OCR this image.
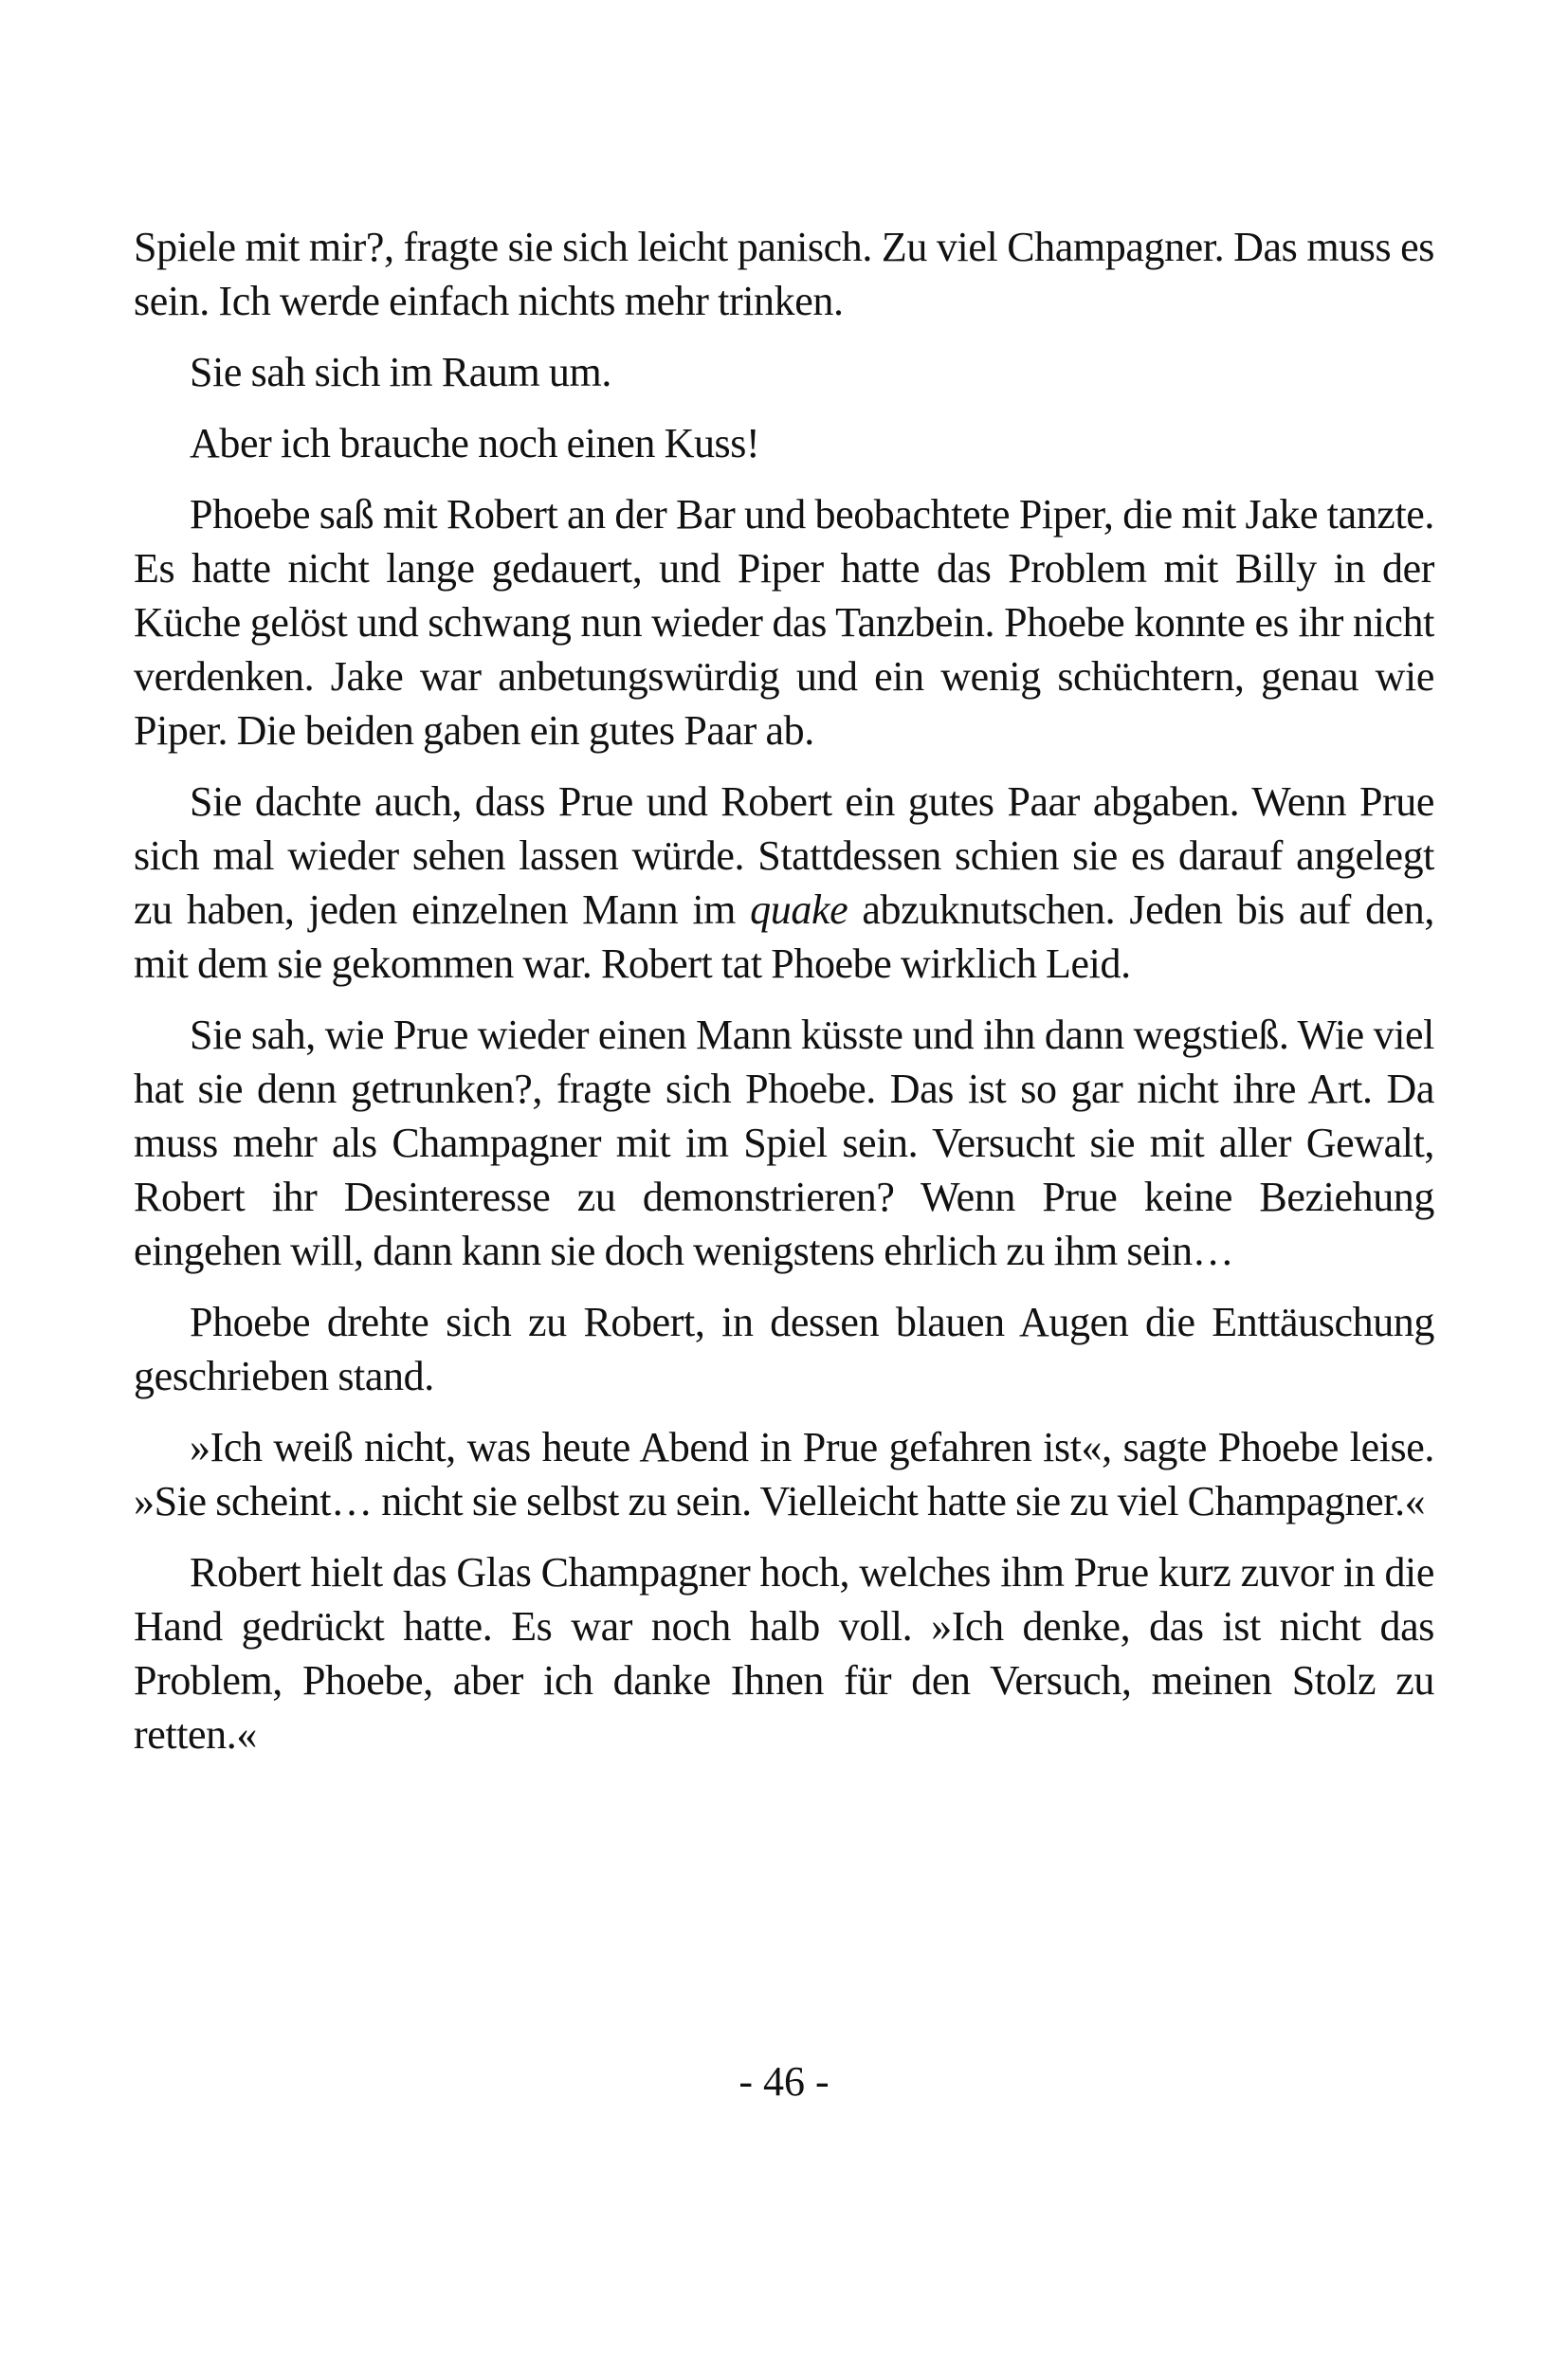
Spiele mit mir?, fragte sie sich leicht panisch. Zu viel Champagner. Das muss es sein. Ich werde einfach nichts mehr trinken.

Sie sah sich im Raum um.

Aber ich brauche noch einen Kuss!

Phoebe saß mit Robert an der Bar und beobachtete Piper, die mit Jake tanzte. Es hatte nicht lange gedauert, und Piper hatte das Problem mit Billy in der Küche gelöst und schwang nun wieder das Tanzbein. Phoebe konnte es ihr nicht verdenken. Jake war anbetungswürdig und ein wenig schüchtern, genau wie Piper. Die beiden gaben ein gutes Paar ab.

Sie dachte auch, dass Prue und Robert ein gutes Paar abgaben. Wenn Prue sich mal wieder sehen lassen würde. Stattdessen schien sie es darauf angelegt zu haben, jeden einzelnen Mann im quake abzuknutschen. Jeden bis auf den, mit dem sie gekommen war. Robert tat Phoebe wirklich Leid.

Sie sah, wie Prue wieder einen Mann küsste und ihn dann wegstieß. Wie viel hat sie denn getrunken?, fragte sich Phoebe. Das ist so gar nicht ihre Art. Da muss mehr als Champagner mit im Spiel sein. Versucht sie mit aller Gewalt, Robert ihr Desinteresse zu demonstrieren? Wenn Prue keine Beziehung eingehen will, dann kann sie doch wenigstens ehrlich zu ihm sein…

Phoebe drehte sich zu Robert, in dessen blauen Augen die Enttäuschung geschrieben stand.

»Ich weiß nicht, was heute Abend in Prue gefahren ist«, sagte Phoebe leise. »Sie scheint… nicht sie selbst zu sein. Vielleicht hatte sie zu viel Champagner.«

Robert hielt das Glas Champagner hoch, welches ihm Prue kurz zuvor in die Hand gedrückt hatte. Es war noch halb voll. »Ich denke, das ist nicht das Problem, Phoebe, aber ich danke Ihnen für den Versuch, meinen Stolz zu retten.«

- 46 -
